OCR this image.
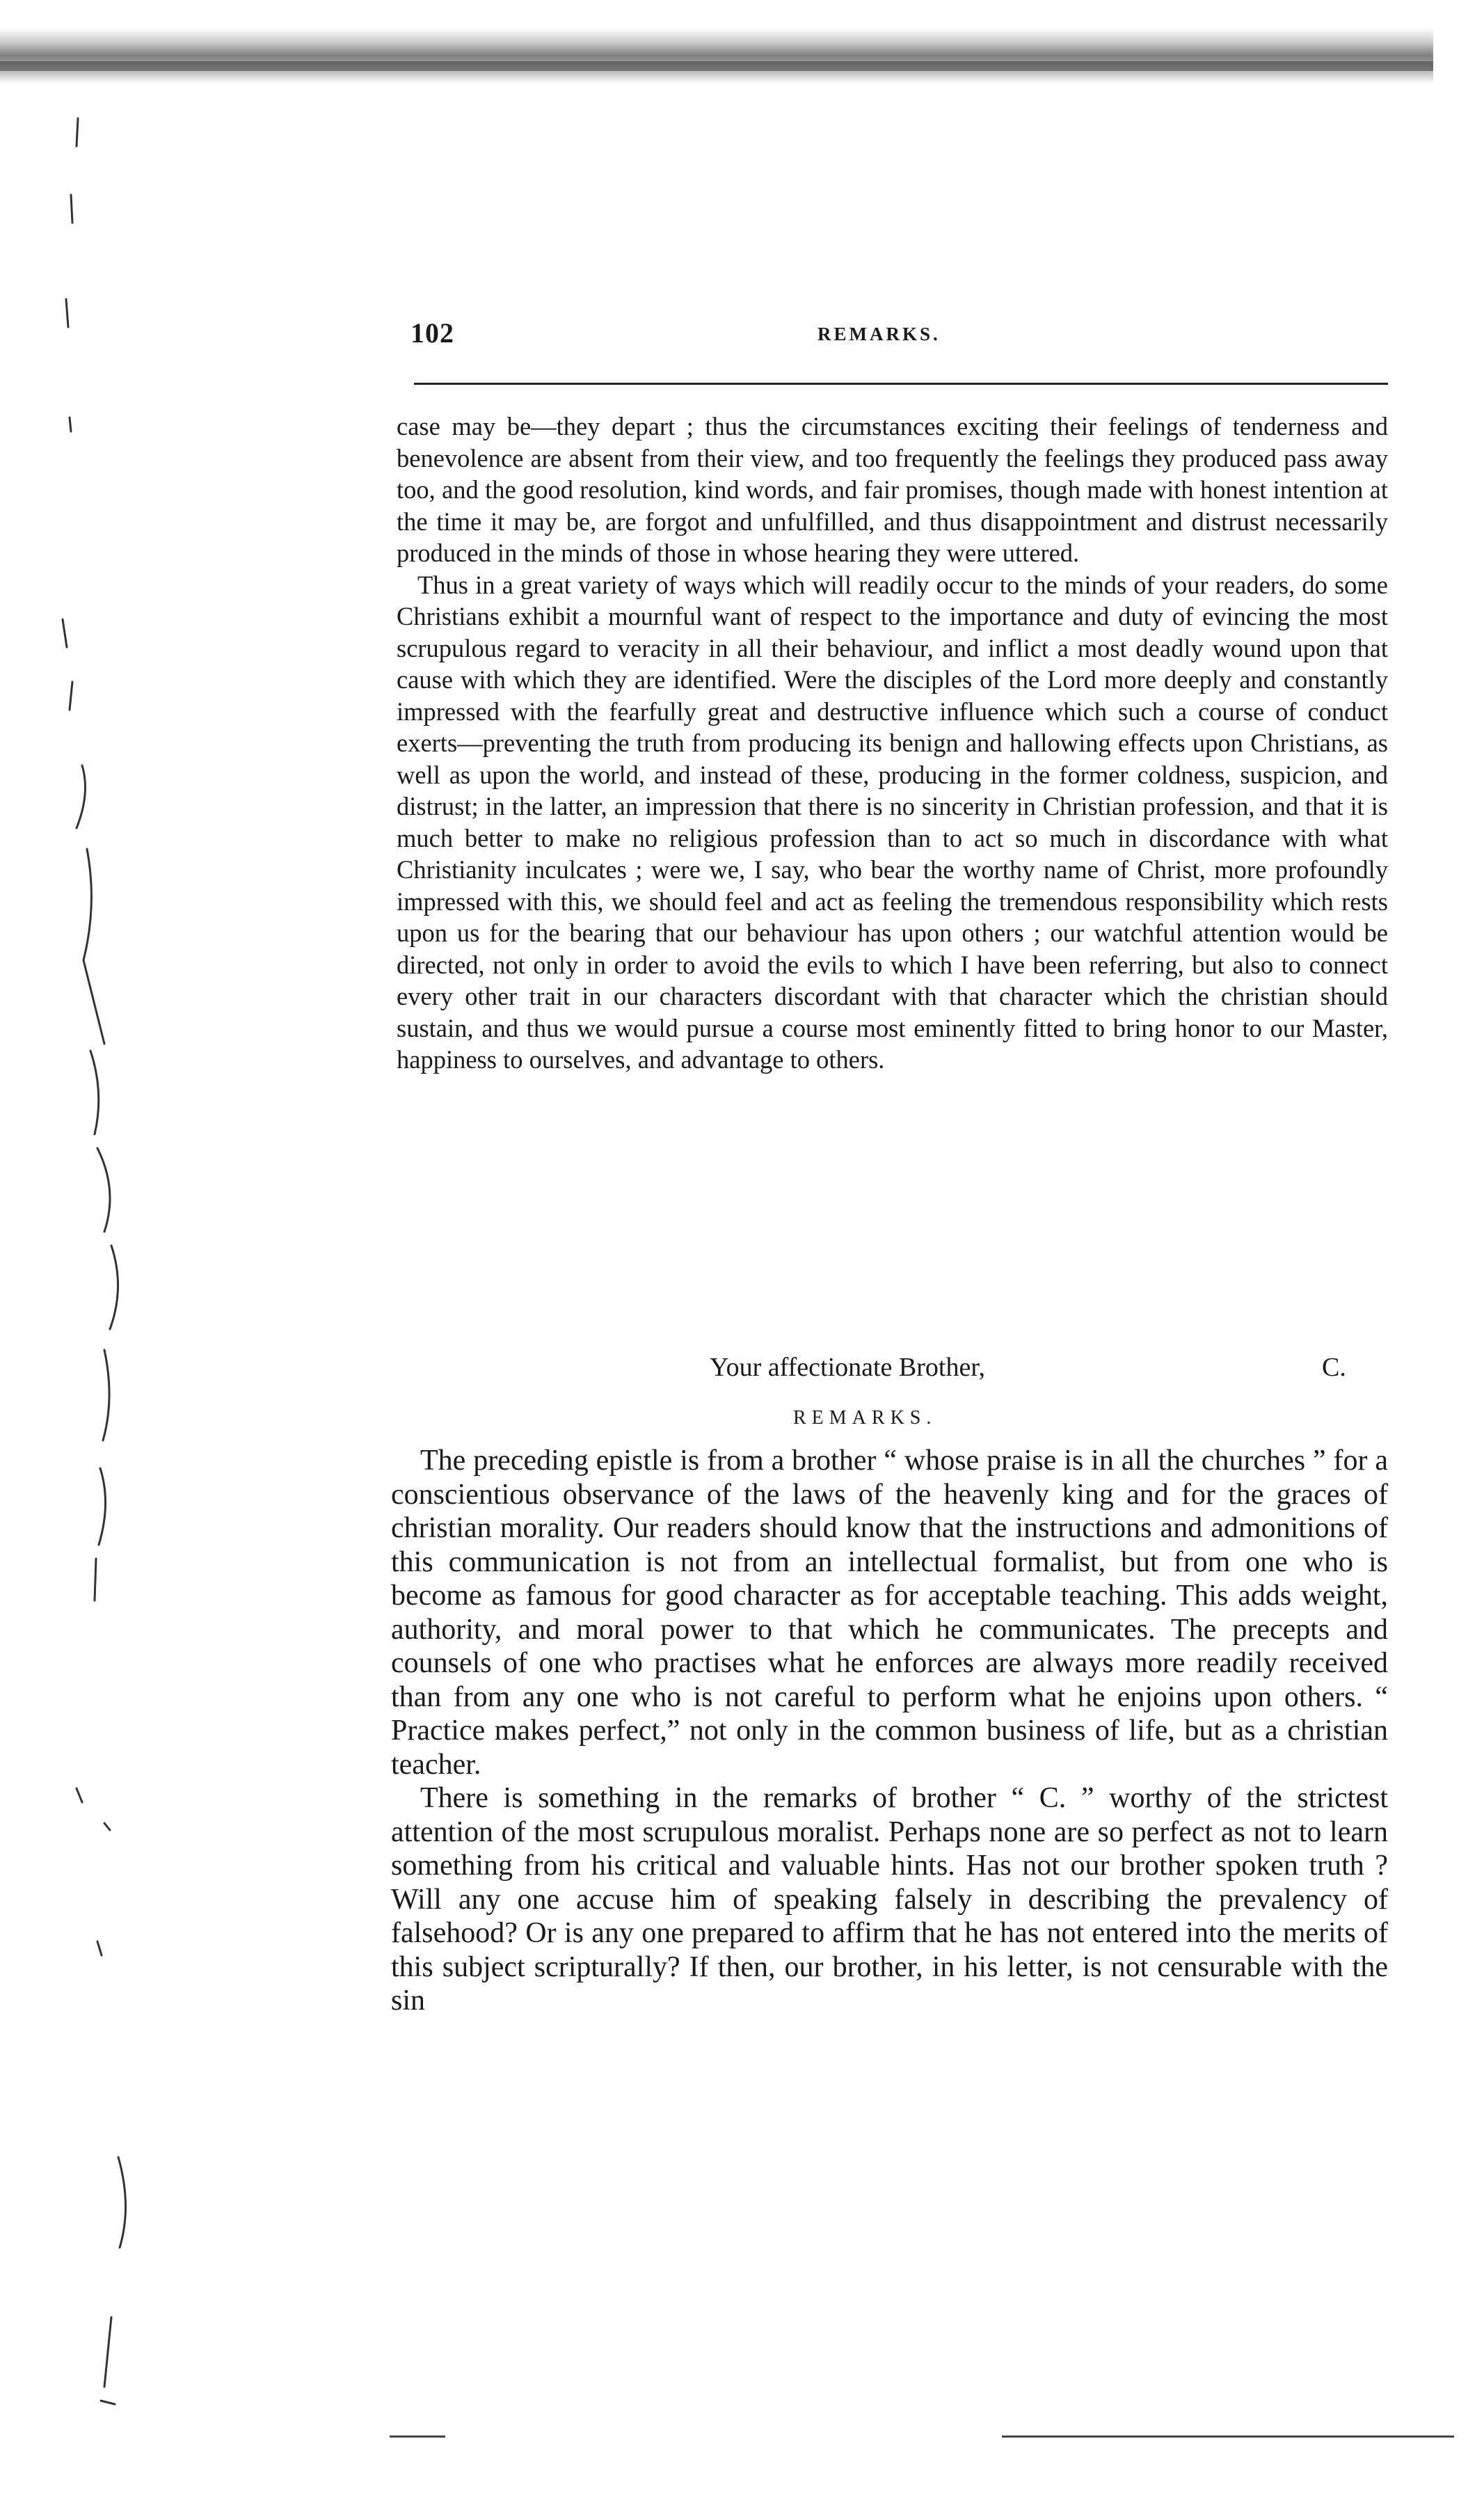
102	REMARKS.

case may be—they depart ; thus the circumstances exciting their feelings of tenderness and benevolence are absent from their view, and too frequently the feelings they produced pass away too, and the good resolution, kind words, and fair promises, though made with honest intention at the time it may be, are forgot and unfulfilled, and thus disappointment and distrust necessarily produced in the minds of those in whose hearing they were uttered.

Thus in a great variety of ways which will readily occur to the minds of your readers, do some Christians exhibit a mournful want of respect to the importance and duty of evincing the most scrupulous regard to veracity in all their behaviour, and inflict a most deadly wound upon that cause with which they are identified. Were the disciples of the Lord more deeply and constantly impressed with the fearfully great and destructive influence which such a course of conduct exerts—preventing the truth from producing its benign and hallowing effects upon Christians, as well as upon the world, and instead of these, producing in the former coldness, suspicion, and distrust; in the latter, an impression that there is no sincerity in Christian profession, and that it is much better to make no religious profession than to act so much in discordance with what Christianity inculcates ; were we, I say, who bear the worthy name of Christ, more profoundly impressed with this, we should feel and act as feeling the tremendous responsibility which rests upon us for the bearing that our behaviour has upon others ; our watchful attention would be directed, not only in order to avoid the evils to which I have been referring, but also to connect every other trait in our characters discordant with that character which the christian should sustain, and thus we would pursue a course most eminently fitted to bring honor to our Master, happiness to ourselves, and advantage to others.

Your affectionate Brother,	C.
REMARKS.

The preceding epistle is from a brother “ whose praise is in all the churches ” for a conscientious observance of the laws of the heavenly king and for the graces of christian morality. Our readers should know that the instructions and admonitions of this communication is not from an intellectual formalist, but from one who is become as famous for good character as for acceptable teaching. This adds weight, authority, and moral power to that which he communicates. The precepts and counsels of one who practises what he enforces are always more readily received than from any one who is not careful to perform what he enjoins upon others. “ Practice makes perfect,” not only in the common business of life, but as a christian teacher.

There is something in the remarks of brother “ C. ” worthy of the strictest attention of the most scrupulous moralist. Perhaps none are so perfect as not to learn something from his critical and valuable hints. Has not our brother spoken truth ? Will any one accuse him of speaking falsely in describing the prevalency of falsehood? Or is any one prepared to affirm that he has not entered into the merits of this subject scripturally? If then, our brother, in his letter, is not censurable with the sin
